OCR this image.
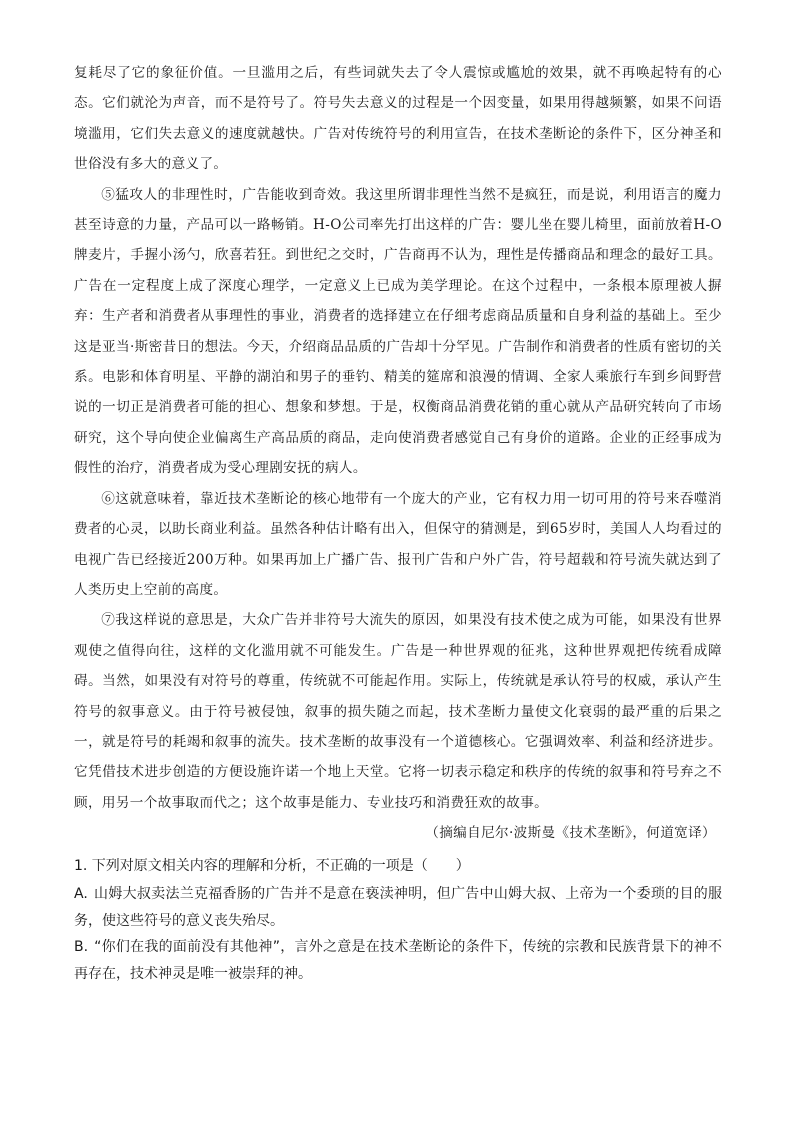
复耗尽了它的象征价值。一旦滥用之后，有些词就失去了令人震惊或尴尬的效果，就不再唤起特有的心态。它们就沦为声音，而不是符号了。符号失去意义的过程是一个因变量，如果用得越频繁，如果不问语境滥用，它们失去意义的速度就越快。广告对传统符号的利用宣告，在技术垄断论的条件下，区分神圣和世俗没有多大的意义了。

⑤猛攻人的非理性时，广告能收到奇效。我这里所谓非理性当然不是疯狂，而是说，利用语言的魔力甚至诗意的力量，产品可以一路畅销。H-O公司率先打出这样的广告：婴儿坐在婴儿椅里，面前放着H-O牌麦片，手握小汤勺，欣喜若狂。到世纪之交时，广告商再不认为，理性是传播商品和理念的最好工具。广告在一定程度上成了深度心理学，一定意义上已成为美学理论。在这个过程中，一条根本原理被人摒弃：生产者和消费者从事理性的事业，消费者的选择建立在仔细考虑商品质量和自身利益的基础上。至少这是亚当·斯密昔日的想法。今天，介绍商品品质的广告却十分罕见。广告制作和消费者的性质有密切的关系。电影和体育明星、平静的湖泊和男子的垂钓、精美的筵席和浪漫的情调、全家人乘旅行车到乡间野营说的一切正是消费者可能的担心、想象和梦想。于是，权衡商品消费花销的重心就从产品研究转向了市场研究，这个导向使企业偏离生产高品质的商品，走向使消费者感觉自己有身价的道路。企业的正经事成为假性的治疗，消费者成为受心理剧安抚的病人。

⑥这就意味着，靠近技术垄断论的核心地带有一个庞大的产业，它有权力用一切可用的符号来吞噬消费者的心灵，以助长商业利益。虽然各种估计略有出入，但保守的猜测是，到65岁时，美国人人均看过的电视广告已经接近200万种。如果再加上广播广告、报刊广告和户外广告，符号超载和符号流失就达到了人类历史上空前的高度。

⑦我这样说的意思是，大众广告并非符号大流失的原因，如果没有技术使之成为可能，如果没有世界观使之值得向往，这样的文化滥用就不可能发生。广告是一种世界观的征兆，这种世界观把传统看成障碍。当然，如果没有对符号的尊重，传统就不可能起作用。实际上，传统就是承认符号的权威，承认产生符号的叙事意义。由于符号被侵蚀，叙事的损失随之而起，技术垄断力量使文化衰弱的最严重的后果之一，就是符号的耗竭和叙事的流失。技术垄断的故事没有一个道德核心。它强调效率、利益和经济进步。它凭借技术进步创造的方便设施许诺一个地上天堂。它将一切表示稳定和秩序的传统的叙事和符号弃之不顾，用另一个故事取而代之；这个故事是能力、专业技巧和消费狂欢的故事。

（摘编自尼尔·波斯曼《技术垄断》，何道宽译）

1. 下列对原文相关内容的理解和分析，不正确的一项是（　　）

A. 山姆大叔卖法兰克福香肠的广告并不是意在亵渎神明，但广告中山姆大叔、上帝为一个委琐的目的服务，使这些符号的意义丧失殆尽。

B. “你们在我的面前没有其他神”，言外之意是在技术垄断论的条件下，传统的宗教和民族背景下的神不再存在，技术神灵是唯一被崇拜的神。
